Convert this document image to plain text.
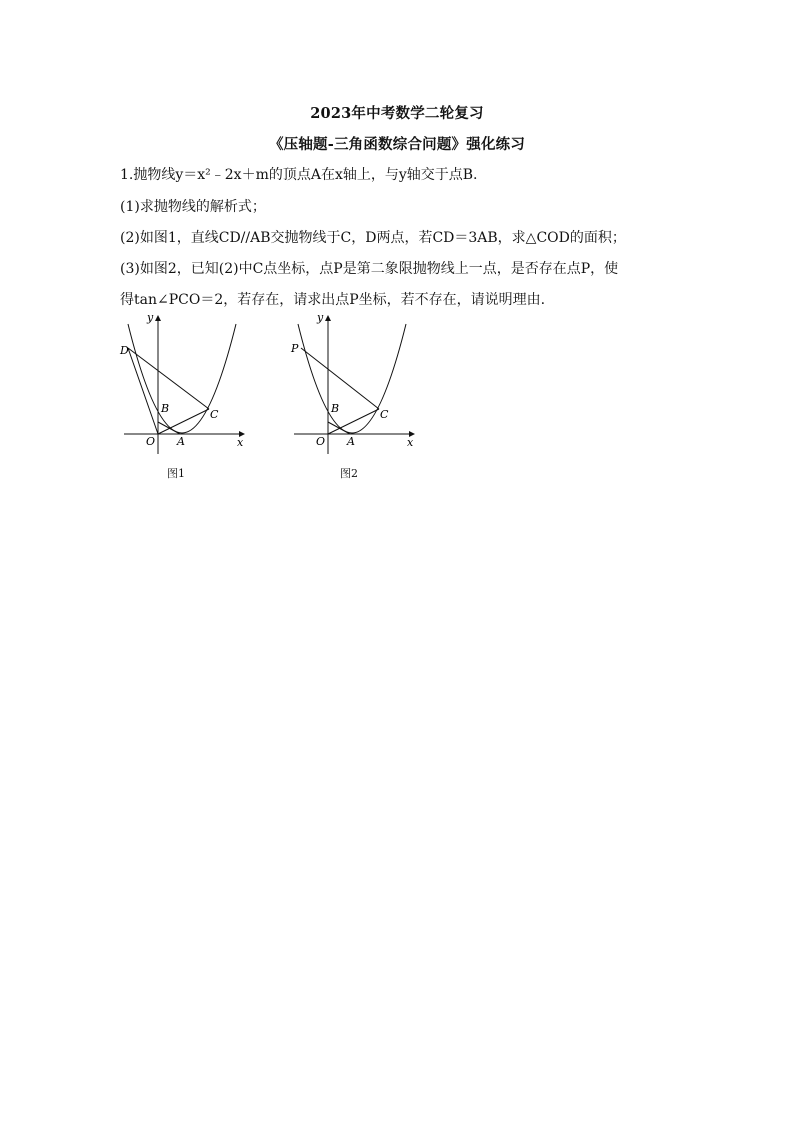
2023年中考数学二轮复习
《压轴题-三角函数综合问题》强化练习
1.抛物线y＝x²﹣2x＋m的顶点A在x轴上，与y轴交于点B.
(1)求抛物线的解析式；
(2)如图1，直线CD//AB交抛物线于C，D两点，若CD＝3AB，求△COD的面积；
(3)如图2，已知(2)中C点坐标，点P是第二象限抛物线上一点，是否存在点P，使
得tan∠PCO＝2，若存在，请求出点P坐标，若不存在，请说明理由.
y
x
O A
B	C
D
图1
y
x
O A
B	C
P
图2
